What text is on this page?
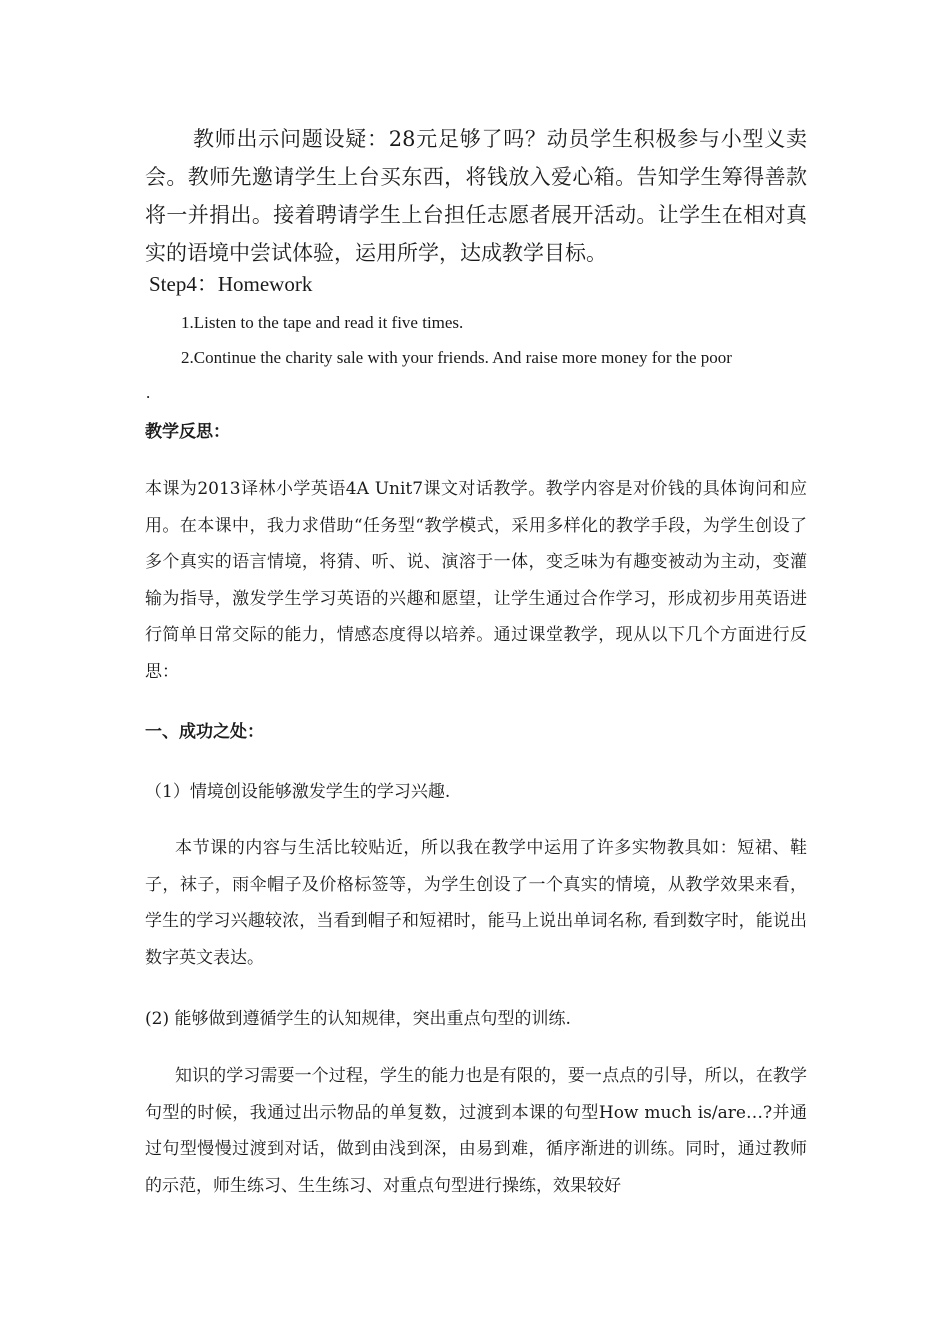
教师出示问题设疑：28元足够了吗？动员学生积极参与小型义卖会。教师先邀请学生上台买东西，将钱放入爱心箱。告知学生筹得善款将一并捐出。接着聘请学生上台担任志愿者展开活动。让学生在相对真实的语境中尝试体验，运用所学，达成教学目标。

Step4：Homework

1.Listen to the tape and read it five times.

2.Continue the charity sale with your friends. And raise more money for the poor

.

教学反思：

本课为2013译林小学英语4A Unit7课文对话教学。教学内容是对价钱的具体询问和应用。在本课中，我力求借助“任务型“教学模式，采用多样化的教学手段，为学生创设了多个真实的语言情境，将猜、听、说、演溶于一体，变乏味为有趣变被动为主动，变灌输为指导，激发学生学习英语的兴趣和愿望，让学生通过合作学习，形成初步用英语进行简单日常交际的能力，情感态度得以培养。通过课堂教学，现从以下几个方面进行反思：

一、成功之处：

（1）情境创设能够激发学生的学习兴趣.

本节课的内容与生活比较贴近，所以我在教学中运用了许多实物教具如：短裙、鞋子，袜子，雨伞帽子及价格标签等，为学生创设了一个真实的情境，从教学效果来看，学生的学习兴趣较浓，当看到帽子和短裙时，能马上说出单词名称, 看到数字时，能说出数字英文表达。

(2) 能够做到遵循学生的认知规律，突出重点句型的训练.

知识的学习需要一个过程，学生的能力也是有限的，要一点点的引导，所以，在教学句型的时候，我通过出示物品的单复数，过渡到本课的句型How much is/are…?并通过句型慢慢过渡到对话，做到由浅到深，由易到难，循序渐进的训练。同时，通过教师的示范，师生练习、生生练习、对重点句型进行操练，效果较好
